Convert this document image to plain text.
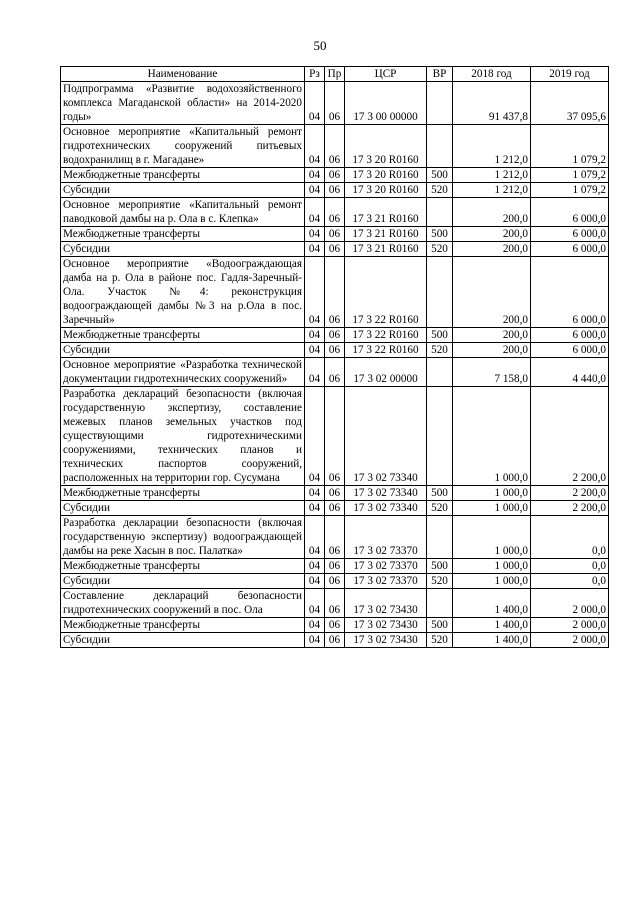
50
Наименование	Рз	Пр	ЦСР	ВР	2018 год	2019 год
Подпрограмма «Развитие водохозяйственного комплекса Магаданской области» на 2014-2020 годы»	04	06	17 3 00 00000		91 437,8	37 095,6
Основное мероприятие «Капитальный ремонт гидротехнических сооружений питьевых водохранилищ в г. Магадане»	04	06	17 3 20 R0160		1 212,0	1 079,2
Межбюджетные трансферты	04	06	17 3 20 R0160	500	1 212,0	1 079,2
Субсидии	04	06	17 3 20 R0160	520	1 212,0	1 079,2
Основное мероприятие «Капитальный ремонт паводковой дамбы на р. Ола в с. Клепка»	04	06	17 3 21 R0160		200,0	6 000,0
Межбюджетные трансферты	04	06	17 3 21 R0160	500	200,0	6 000,0
Субсидии	04	06	17 3 21 R0160	520	200,0	6 000,0
Основное мероприятие «Водоограждающая дамба на р. Ола в районе пос. Гадля-Заречный-Ола. Участок №4: реконструкция водоограждающей дамбы №3 на р.Ола в пос. Заречный»	04	06	17 3 22 R0160		200,0	6 000,0
Межбюджетные трансферты	04	06	17 3 22 R0160	500	200,0	6 000,0
Субсидии	04	06	17 3 22 R0160	520	200,0	6 000,0
Основное мероприятие «Разработка технической документации гидротехнических сооружений»	04	06	17 3 02 00000		7 158,0	4 440,0
Разработка деклараций безопасности (включая государственную экспертизу, составление межевых планов земельных участков под существующими гидротехническими сооружениями, технических планов и технических паспортов сооружений, расположенных на территории гор. Сусумана	04	06	17 3 02 73340		1 000,0	2 200,0
Межбюджетные трансферты	04	06	17 3 02 73340	500	1 000,0	2 200,0
Субсидии	04	06	17 3 02 73340	520	1 000,0	2 200,0
Разработка декларации безопасности (включая государственную экспертизу) водоограждающей дамбы на реке Хасын в пос. Палатка»	04	06	17 3 02 73370		1 000,0	0,0
Межбюджетные трансферты	04	06	17 3 02 73370	500	1 000,0	0,0
Субсидии	04	06	17 3 02 73370	520	1 000,0	0,0
Составление деклараций безопасности гидротехнических сооружений в пос. Ола	04	06	17 3 02 73430		1 400,0	2 000,0
Межбюджетные трансферты	04	06	17 3 02 73430	500	1 400,0	2 000,0
Субсидии	04	06	17 3 02 73430	520	1 400,0	2 000,0
